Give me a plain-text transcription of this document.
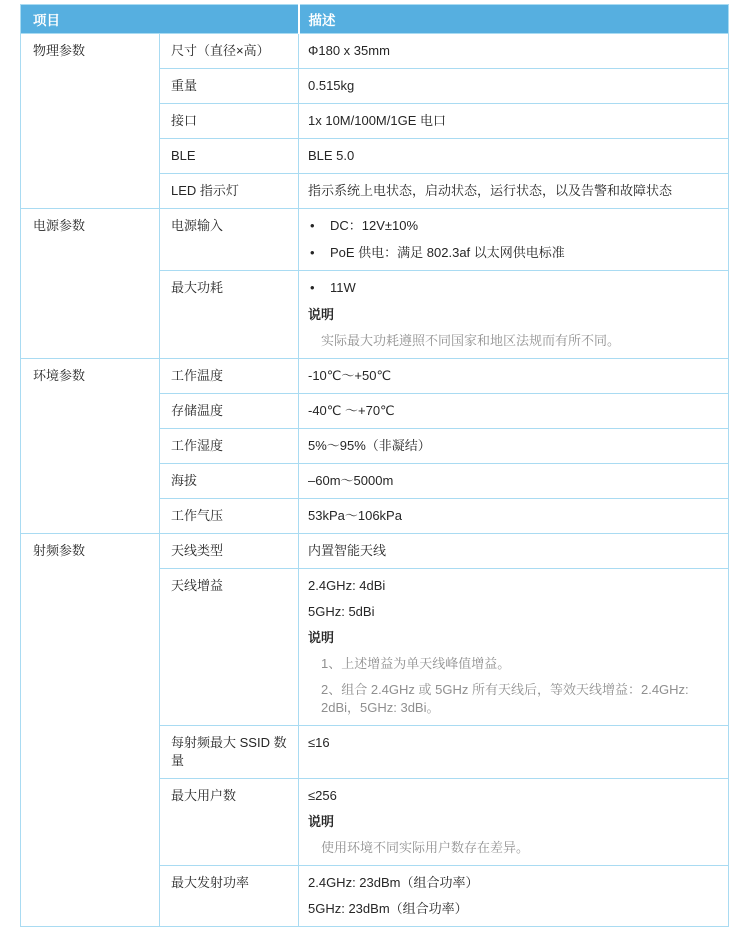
项目		描述
物理参数	尺寸（直径×高）	Φ180 x 35mm

	重量	0.515kg

	接口	1x 10M/100M/1GE 电口

	BLE	BLE 5.0

	LED 指示灯	指示系统上电状态，启动状态，运行状态，以及告警和故障状态

电源参数	电源输入	• DC：12V±10%
• PoE 供电：满足 802.3af 以太网供电标准

	最大功耗	• 11W
说明
实际最大功耗遵照不同国家和地区法规而有所不同。

环境参数	工作温度	-10℃～+50℃

	存储温度	-40℃ ～+70℃

	工作湿度	5%～95%（非凝结）

	海拔	–60m～5000m

	工作气压	53kPa～106kPa

射频参数	天线类型	内置智能天线

	天线增益	2.4GHz: 4dBi
5GHz: 5dBi
说明
1、上述增益为单天线峰值增益。
2、组合 2.4GHz 或 5GHz 所有天线后，等效天线增益：2.4GHz: 2dBi，5GHz: 3dBi。

	每射频最大 SSID 数量	≤16

	最大用户数	≤256
说明
使用环境不同实际用户数存在差异。

	最大发射功率	2.4GHz: 23dBm（组合功率）
5GHz: 23dBm（组合功率）
